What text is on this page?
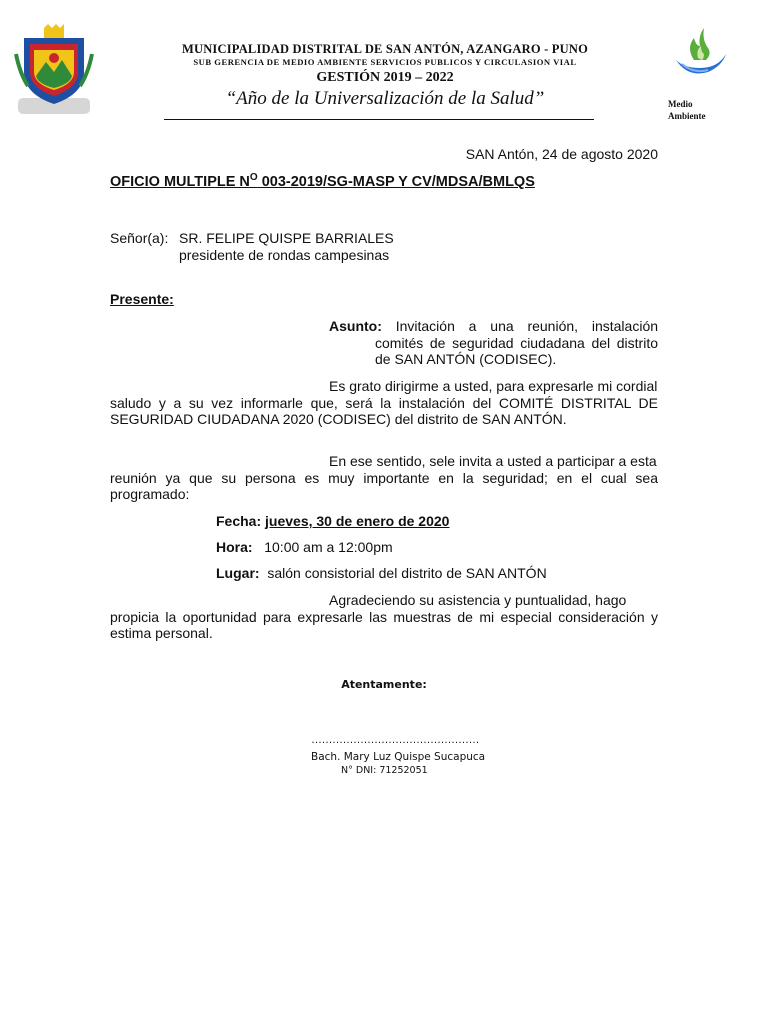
MUNICIPALIDAD DISTRITAL DE SAN ANTÓN, AZANGARO - PUNO
SUB GERENCIA DE MEDIO AMBIENTE SERVICIOS PUBLICOS Y CIRCULASION VIAL
GESTIÓN 2019 – 2022
“Año de la Universalización de la Salud”	Medio
Ambiente
SAN Antón, 24 de agosto 2020
OFICIO MULTIPLE $N^O$ 003-2019/SG-MASP Y CV/MDSA/BMLQS
Señor(a): SR. FELIPE QUISPE BARRIALES
presidente de rondas campesinas
Presente:
Asunto: Invitación a una reunión, instalación
comités de seguridad ciudadana del distrito de SAN ANTÓN (CODISEC).
Es grato dirigirme a usted, para expresarle mi cordial
saludo y a su vez informarle que, será la instalación del COMITÉ DISTRITAL DE SEGURIDAD CIUDADANA 2020 (CODISEC) del distrito de SAN ANTÓN.
En ese sentido, sele invita a usted a participar a esta
reunión ya que su persona es muy importante en la seguridad; en el cual sea programado:
Fecha: jueves, 30 de enero de 2020
Hora: 10:00 am a 12:00pm
Lugar: salón consistorial del distrito de SAN ANTÓN
Agradeciendo su asistencia y puntualidad, hago
propicia la oportunidad para expresarle las muestras de mi especial consideración y estima personal.
Atentamente:
…………………………………………
Bach. Mary Luz Quispe Sucapuca
N° DNI: 71252051
